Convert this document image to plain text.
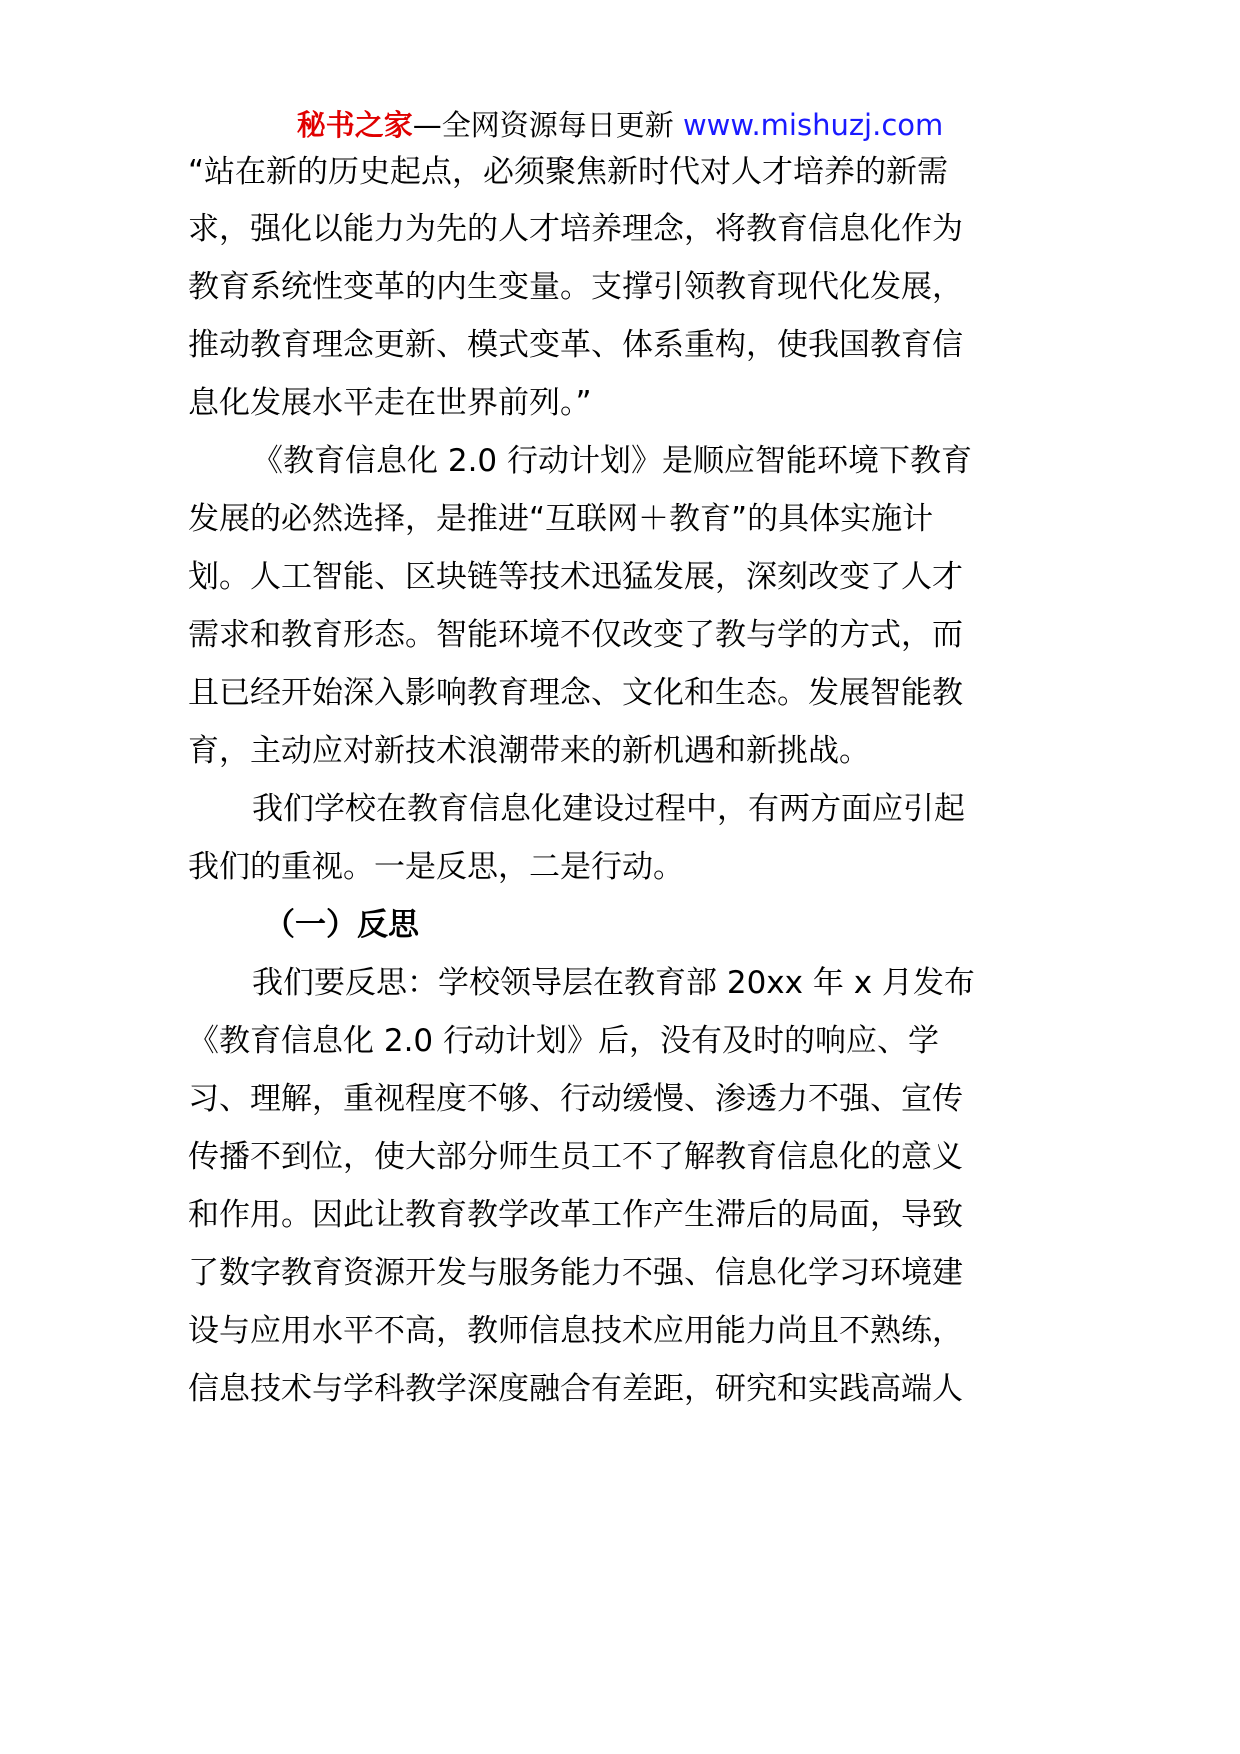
秘书之家—全网资源每日更新 www.mishuzj.com
“站在新的历史起点，必须聚焦新时代对人才培养的新需
求，强化以能力为先的人才培养理念，将教育信息化作为
教育系统性变革的内生变量。支撑引领教育现代化发展，
推动教育理念更新、模式变革、体系重构，使我国教育信
息化发展水平走在世界前列。”
《教育信息化 2.0 行动计划》是顺应智能环境下教育
发展的必然选择，是推进“互联网＋教育”的具体实施计
划。人工智能、区块链等技术迅猛发展，深刻改变了人才
需求和教育形态。智能环境不仅改变了教与学的方式，而
且已经开始深入影响教育理念、文化和生态。发展智能教
育，主动应对新技术浪潮带来的新机遇和新挑战。
我们学校在教育信息化建设过程中，有两方面应引起
我们的重视。一是反思，二是行动。
（一）反思
我们要反思：学校领导层在教育部 20xx 年 x 月发布
《教育信息化 2.0 行动计划》后，没有及时的响应、学
习、理解，重视程度不够、行动缓慢、渗透力不强、宣传
传播不到位，使大部分师生员工不了解教育信息化的意义
和作用。因此让教育教学改革工作产生滞后的局面，导致
了数字教育资源开发与服务能力不强、信息化学习环境建
设与应用水平不高，教师信息技术应用能力尚且不熟练，
信息技术与学科教学深度融合有差距，研究和实践高端人
